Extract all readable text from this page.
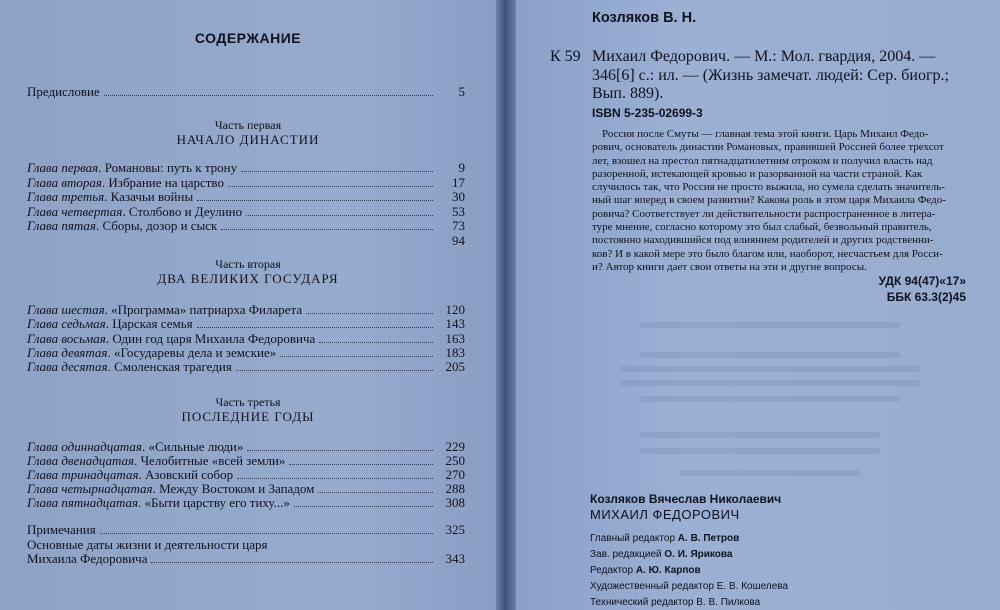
СОДЕРЖАНИЕ
Предисловие	5
Часть первая
НАЧАЛО ДИНАСТИИ
Глава первая. Романовы: путь к трону	9
Глава вторая. Избрание на царство	17
Глава третья. Казачьи войны	30
Глава четвертая. Столбово и Деулино	53
Глава пятая. Сборы, дозор и сыск	73
94
Часть вторая
ДВА ВЕЛИКИХ ГОСУДАРЯ
Глава шестая. «Программа» патриарха Филарета	120
Глава седьмая. Царская семья	143
Глава восьмая. Один год царя Михаила Федоровича	163
Глава девятая. «Государевы дела и земские»	183
Глава десятая. Смоленская трагедия	205
Часть третья
ПОСЛЕДНИЕ ГОДЫ
Глава одиннадцатая. «Сильные люди»	229
Глава двенадцатая. Челобитные «всей земли»	250
Глава тринадцатая. Азовский собор	270
Глава четырнадцатая. Между Востоком и Западом	288
Глава пятнадцатая. «Быти царству его тиху...»	308
Примечания	325
Основные даты жизни и деятельности царя
Михаила Федоровича	343
Козляков В. Н.
К 59 Михаил Федорович. — М.: Мол. гвардия, 2004. —
346[6] с.: ил. — (Жизнь замечат. людей: Сер. биогр.;
Вып. 889).
ISBN 5-235-02699-3
Россия после Смуты — главная тема этой книги. Царь Михаил Федо-
рович, основатель династии Романовых, правившей Россией более трехсот
лет, взошел на престол пятнадцатилетним отроком и получил власть над
разоренной, истекающей кровью и разорванной на части страной. Как
случилось так, что Россия не просто выжила, но сумела сделать значитель-
ный шаг вперед в своем развитии? Какова роль в этом царя Михаила Федо-
ровича? Соответствует ли действительности распространенное в литера-
туре мнение, согласно которому это был слабый, безвольный правитель,
постоянно находившийся под влиянием родителей и других родственни-
ков? И в какой мере это было благом или, наоборот, несчастьем для Росси-
и? Автор книги дает свои ответы на эти и другие вопросы.
УДК 94(47)«17»
ББК 63.3(2)45
Козляков Вячеслав Николаевич
МИХАИЛ ФЕДОРОВИЧ
Главный редактор А. В. Петров
Зав. редакцией О. И. Ярикова
Редактор А. Ю. Карпов
Художественный редактор Е. В. Кошелева
Технический редактор В. В. Пилкова
